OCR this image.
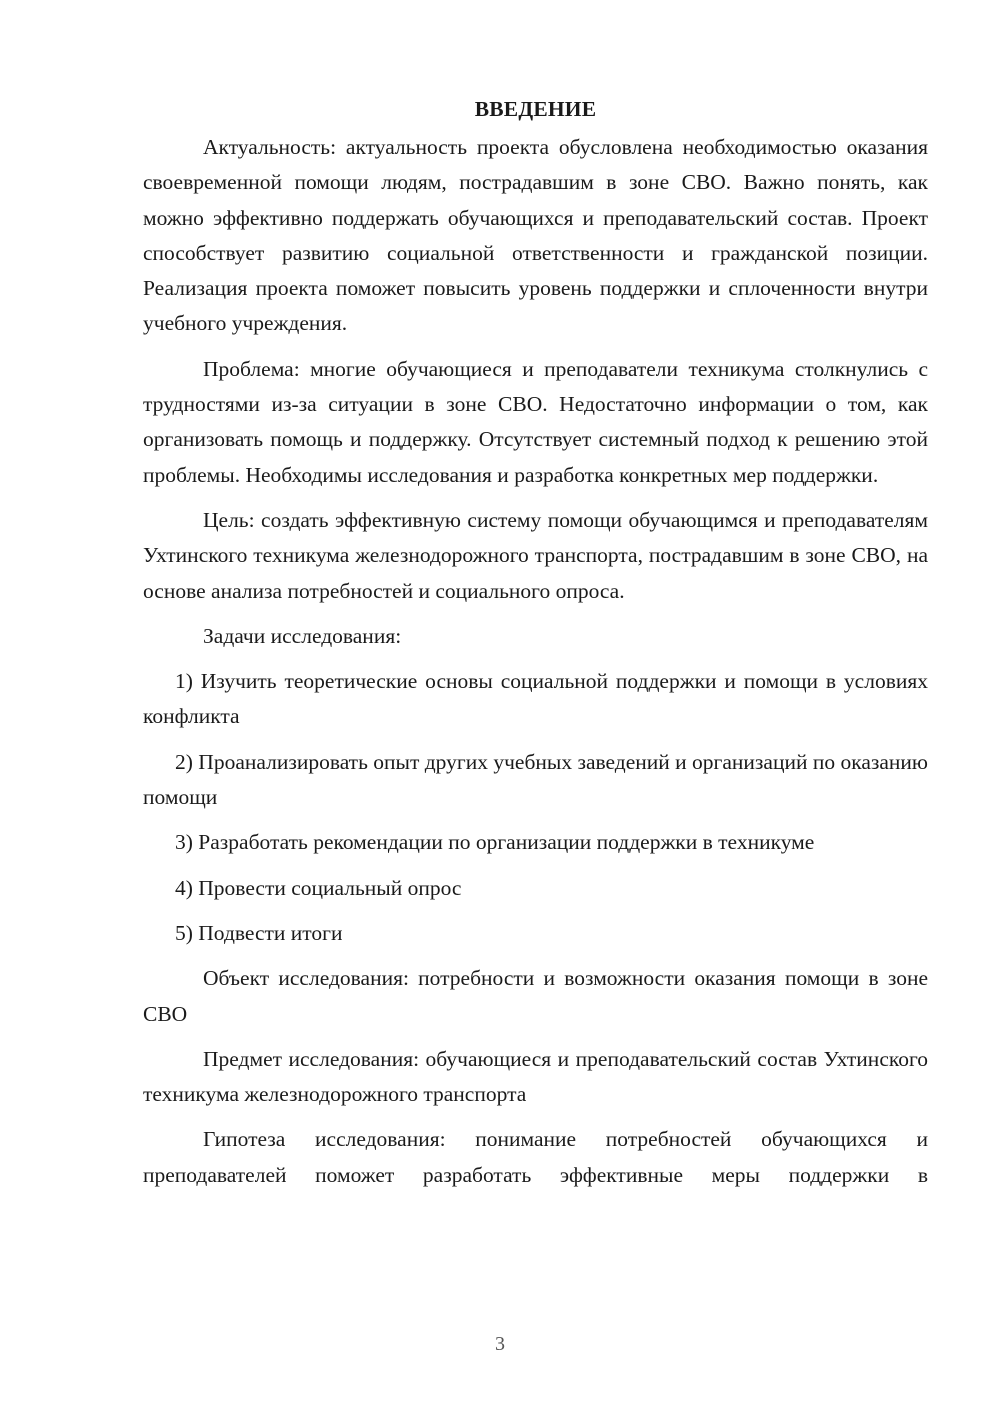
ВВЕДЕНИЕ

Актуальность: актуальность проекта обусловлена необходимостью оказания своевременной помощи людям, пострадавшим в зоне СВО. Важно понять, как можно эффективно поддержать обучающихся и преподавательский состав. Проект способствует развитию социальной ответственности и гражданской позиции. Реализация проекта поможет повысить уровень поддержки и сплоченности внутри учебного учреждения.

Проблема: многие обучающиеся и преподаватели техникума столкнулись с трудностями из-за ситуации в зоне СВО. Недостаточно информации о том, как организовать помощь и поддержку. Отсутствует системный подход к решению этой проблемы. Необходимы исследования и разработка конкретных мер поддержки.

Цель: создать эффективную систему помощи обучающимся и преподавателям Ухтинского техникума железнодорожного транспорта, пострадавшим в зоне СВО, на основе анализа потребностей и социального опроса.

Задачи исследования:

1) Изучить теоретические основы социальной поддержки и помощи в условиях конфликта

2) Проанализировать опыт других учебных заведений и организаций по оказанию помощи

3) Разработать рекомендации по организации поддержки в техникуме

4) Провести социальный опрос

5) Подвести итоги

Объект исследования: потребности и возможности оказания помощи в зоне СВО

Предмет исследования: обучающиеся и преподавательский состав Ухтинского техникума железнодорожного транспорта

Гипотеза исследования: понимание потребностей обучающихся и преподавателей поможет разработать эффективные меры поддержки в

3
